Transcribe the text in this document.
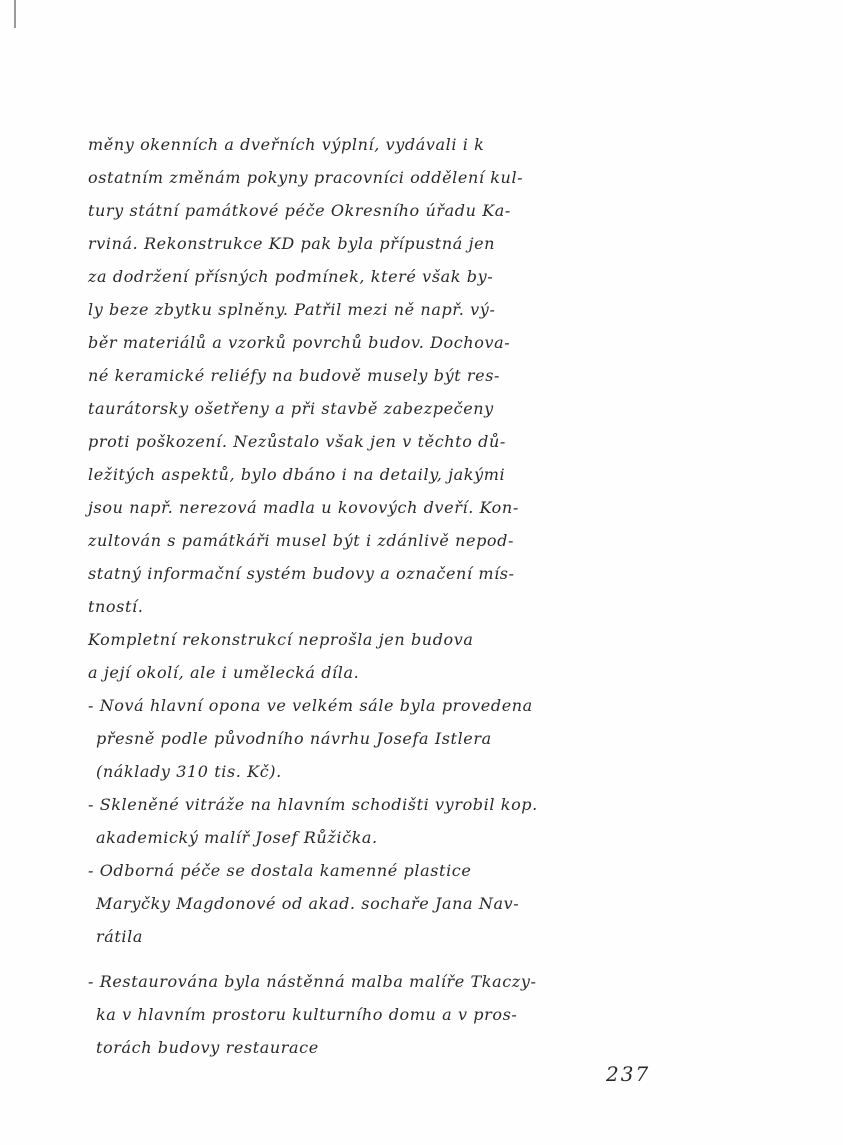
měny okenních a dveřních výplní, vydávali i k
ostatním změnám pokyny pracovníci oddělení kul-
tury státní památkové péče Okresního úřadu Ka-
rviná. Rekonstrukce KD pak byla přípustná jen
za dodržení přísných podmínek, které však by-
ly beze zbytku splněny. Patřil mezi ně např. vý-
běr materiálů a vzorků povrchů budov. Dochova-
né keramické reliéfy na budově musely být res-
taurátorsky ošetřeny a při stavbě zabezpečeny
proti poškození. Nezůstalo však jen v těchto dů-
ležitých aspektů, bylo dbáno i na detaily, jakými
jsou např. nerezová madla u kovových dveří. Kon-
zultován s památkáři musel být i zdánlivě nepod-
statný informační systém budovy a označení mís-
tností.
Kompletní rekonstrukcí neprošla jen budova
a její okolí, ale i umělecká díla.
- Nová hlavní opona ve velkém sále byla provedena
přesně podle původního návrhu Josefa Istlera
(náklady 310 tis. Kč).
- Skleněné vitráže na hlavním schodišti vyrobil kop.
akademický malíř Josef Růžička.
- Odborná péče se dostala kamenné plastice
Maryčky Magdonové od akad. sochaře Jana Nav-
rátila
- Restaurována byla nástěnná malba malíře Tkaczy-
ka v hlavním prostoru kulturního domu a v pros-
torách budovy restaurace
237
